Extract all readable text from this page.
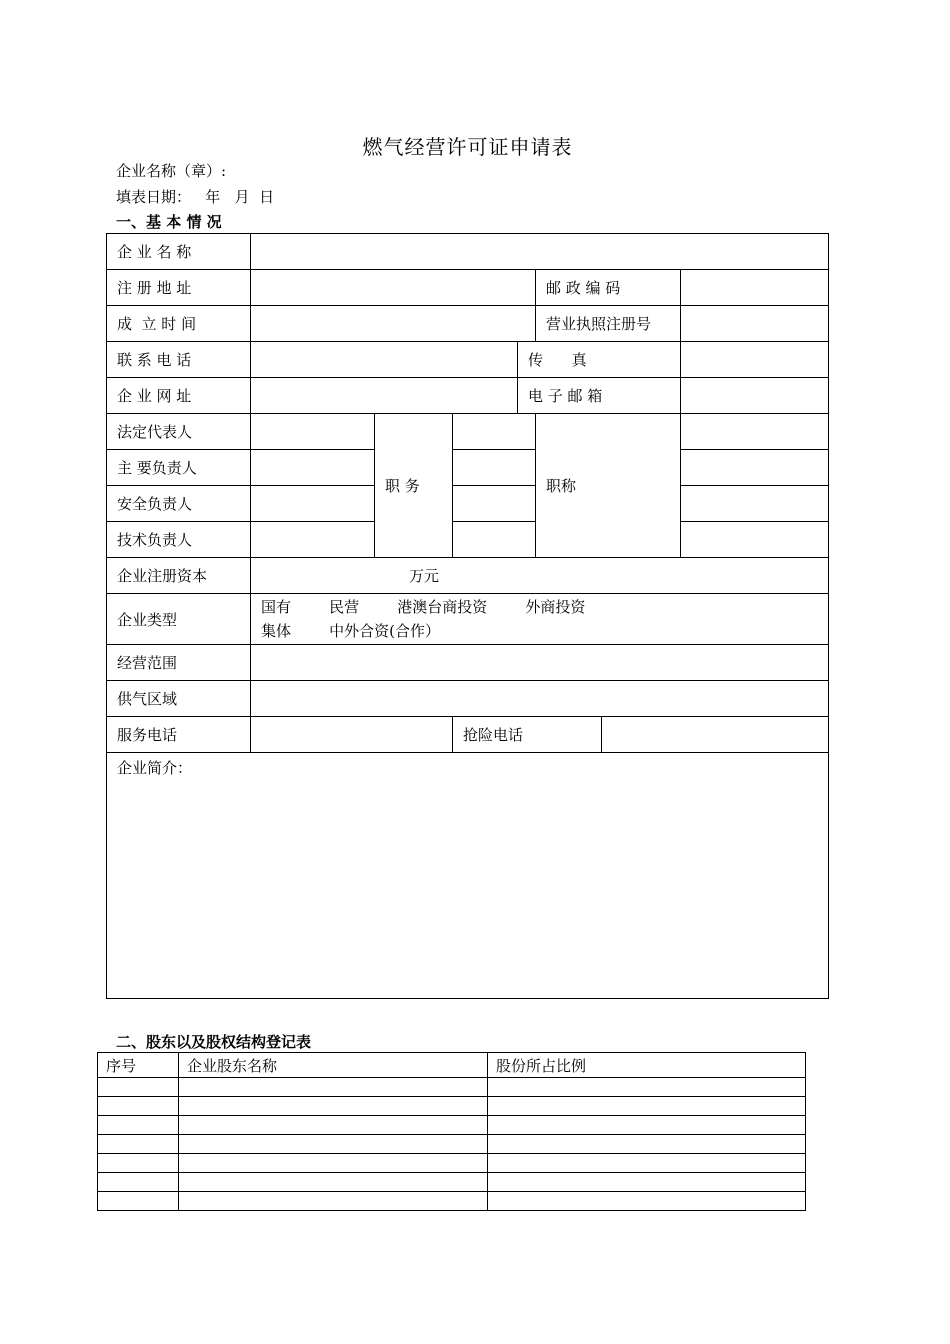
燃气经营许可证申请表
企业名称（章）:
填表日期：   年   月  日
一、基 本 情 况
企 业 名 称							
注 册 地 址					邮 政 编 码		
成  立 时 间					营业执照注册号		
联 系 电 话				传      真			
企 业 网 址				电 子 邮 箱			
法定代表人		职 务			职称		
主 要负责人							
安全负责人							
技术负责人							
企业注册资本	万元						
企业类型	国有        民营        港澳台商投资        外商投资
集体        中外合资(合作）						

经营范围							
供气区域							
服务电话			抢险电话				
企业简介：							
二、股东以及股权结构登记表
序号	企业股东名称	股份所占比例
